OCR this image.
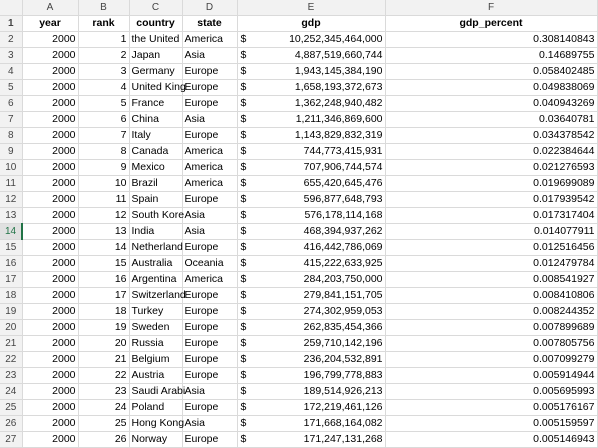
	A	B	C	D	E	F
1	year	rank	country	state	gdp	gdp_percent
2	2000	1	the United	America	$ 10,252,345,464,000	0.308140843
3	2000	2	Japan	Asia	$ 4,887,519,660,744	0.14689755
4	2000	3	Germany	Europe	$ 1,943,145,384,190	0.058402485
5	2000	4	United King	Europe	$ 1,658,193,372,673	0.049838069
6	2000	5	France	Europe	$ 1,362,248,940,482	0.040943269
7	2000	6	China	Asia	$ 1,211,346,869,600	0.03640781
8	2000	7	Italy	Europe	$ 1,143,829,832,319	0.034378542
9	2000	8	Canada	America	$ 744,773,415,931	0.022384644
10	2000	9	Mexico	America	$ 707,906,744,574	0.021276593
11	2000	10	Brazil	America	$ 655,420,645,476	0.019699089
12	2000	11	Spain	Europe	$ 596,877,648,793	0.017939542
13	2000	12	South Kore	Asia	$ 576,178,114,168	0.017317404
14	2000	13	India	Asia	$ 468,394,937,262	0.014077911
15	2000	14	Netherland	Europe	$ 416,442,786,069	0.012516456
16	2000	15	Australia	Oceania	$ 415,222,633,925	0.012479784
17	2000	16	Argentina	America	$ 284,203,750,000	0.008541927
18	2000	17	Switzerland	Europe	$ 279,841,151,705	0.008410806
19	2000	18	Turkey	Europe	$ 274,302,959,053	0.008244352
20	2000	19	Sweden	Europe	$ 262,835,454,366	0.007899689
21	2000	20	Russia	Europe	$ 259,710,142,196	0.007805756
22	2000	21	Belgium	Europe	$ 236,204,532,891	0.007099279
23	2000	22	Austria	Europe	$ 196,799,778,883	0.005914944
24	2000	23	Saudi Arabi	Asia	$ 189,514,926,213	0.005695993
25	2000	24	Poland	Europe	$ 172,219,461,126	0.005176167
26	2000	25	Hong Kong	Asia	$ 171,668,164,082	0.005159597
27	2000	26	Norway	Europe	$ 171,247,131,268	0.005146943
